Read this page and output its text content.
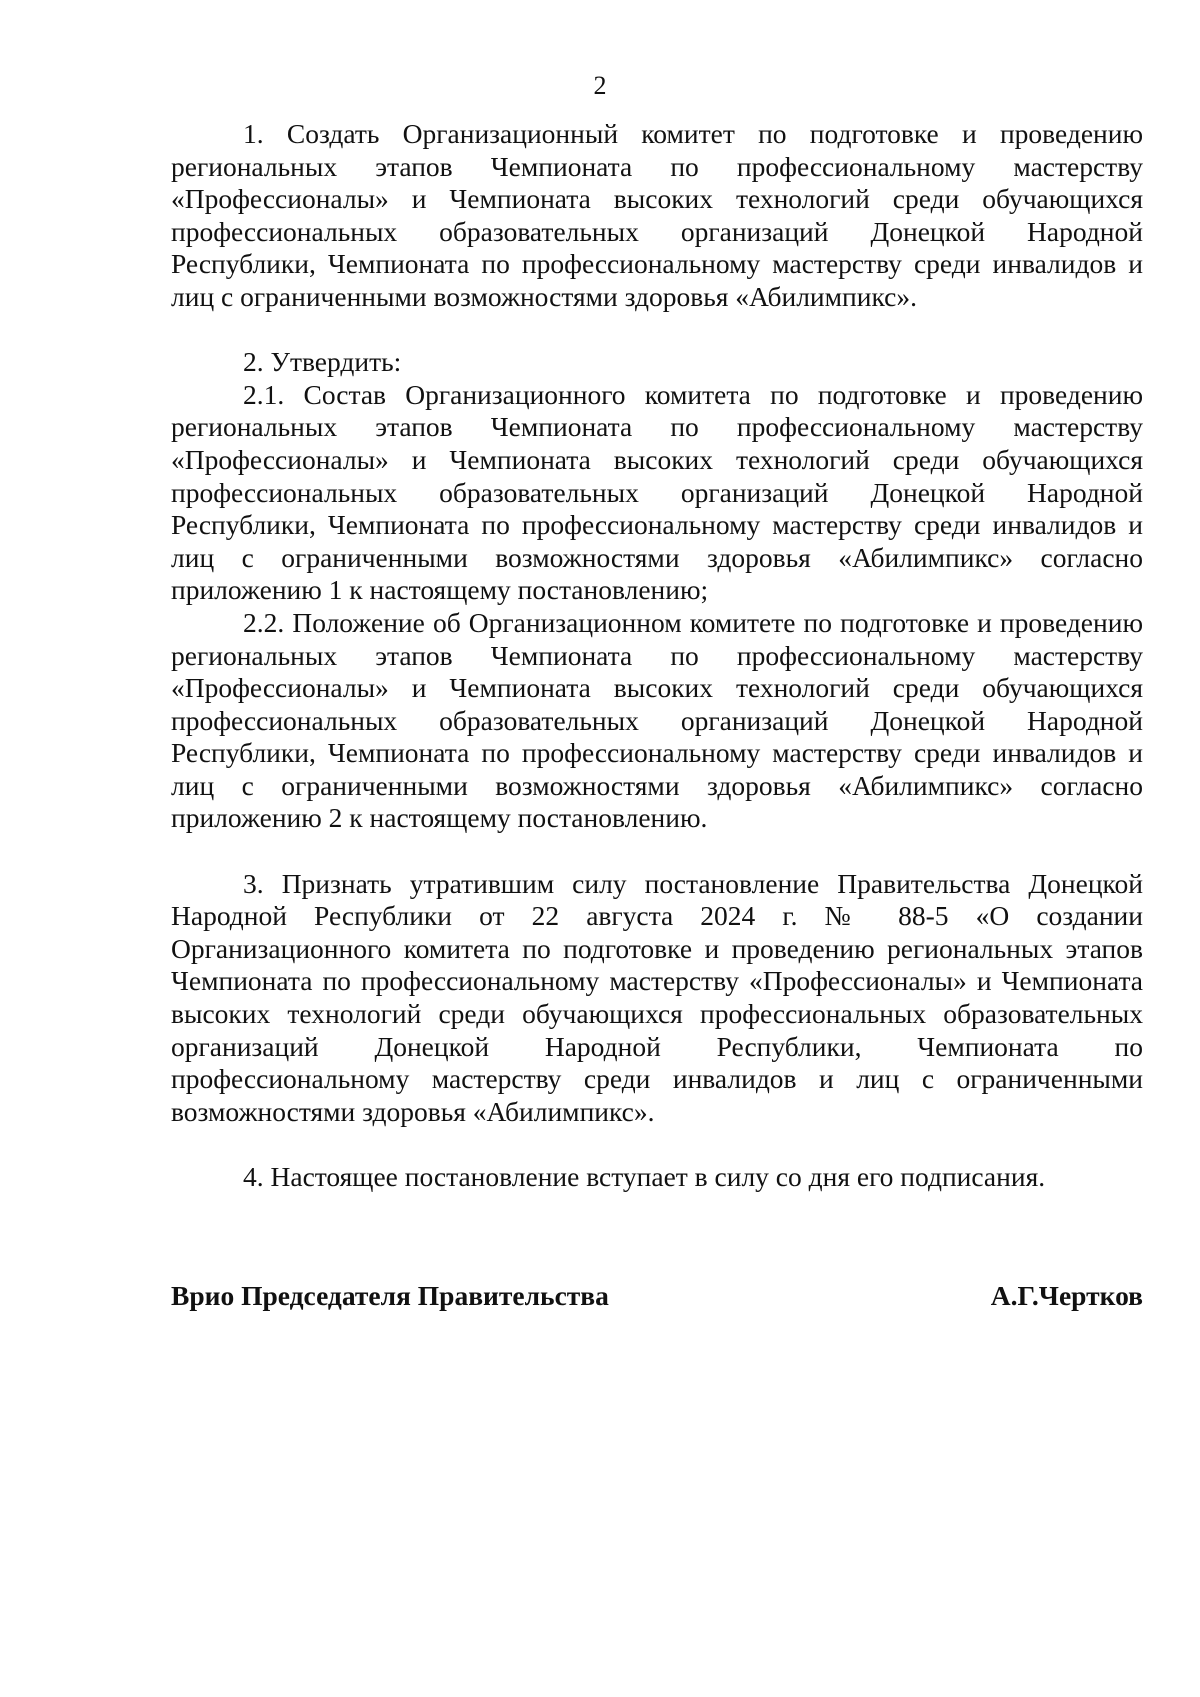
2

1. Создать Организационный комитет по подготовке и проведению региональных этапов Чемпионата по профессиональному мастерству «Профессионалы» и Чемпионата высоких технологий среди обучающихся профессиональных образовательных организаций Донецкой Народной Республики, Чемпионата по профессиональному мастерству среди инвалидов и лиц с ограниченными возможностями здоровья «Абилимпикс».

2. Утвердить:

2.1. Состав Организационного комитета по подготовке и проведению региональных этапов Чемпионата по профессиональному мастерству «Профессионалы» и Чемпионата высоких технологий среди обучающихся профессиональных образовательных организаций Донецкой Народной Республики, Чемпионата по профессиональному мастерству среди инвалидов и лиц с ограниченными возможностями здоровья «Абилимпикс» согласно приложению 1 к настоящему постановлению;

2.2. Положение об Организационном комитете по подготовке и проведению региональных этапов Чемпионата по профессиональному мастерству «Профессионалы» и Чемпионата высоких технологий среди обучающихся профессиональных образовательных организаций Донецкой Народной Республики, Чемпионата по профессиональному мастерству среди инвалидов и лиц с ограниченными возможностями здоровья «Абилимпикс» согласно приложению 2 к настоящему постановлению.

3. Признать утратившим силу постановление Правительства Донецкой Народной Республики от 22 августа 2024 г. № 88-5 «О создании Организационного комитета по подготовке и проведению региональных этапов Чемпионата по профессиональному мастерству «Профессионалы» и Чемпионата высоких технологий среди обучающихся профессиональных образовательных организаций Донецкой Народной Республики, Чемпионата по профессиональному мастерству среди инвалидов и лиц с ограниченными возможностями здоровья «Абилимпикс».

4. Настоящее постановление вступает в силу со дня его подписания.

Врио Председателя Правительства	А.Г.Чертков
